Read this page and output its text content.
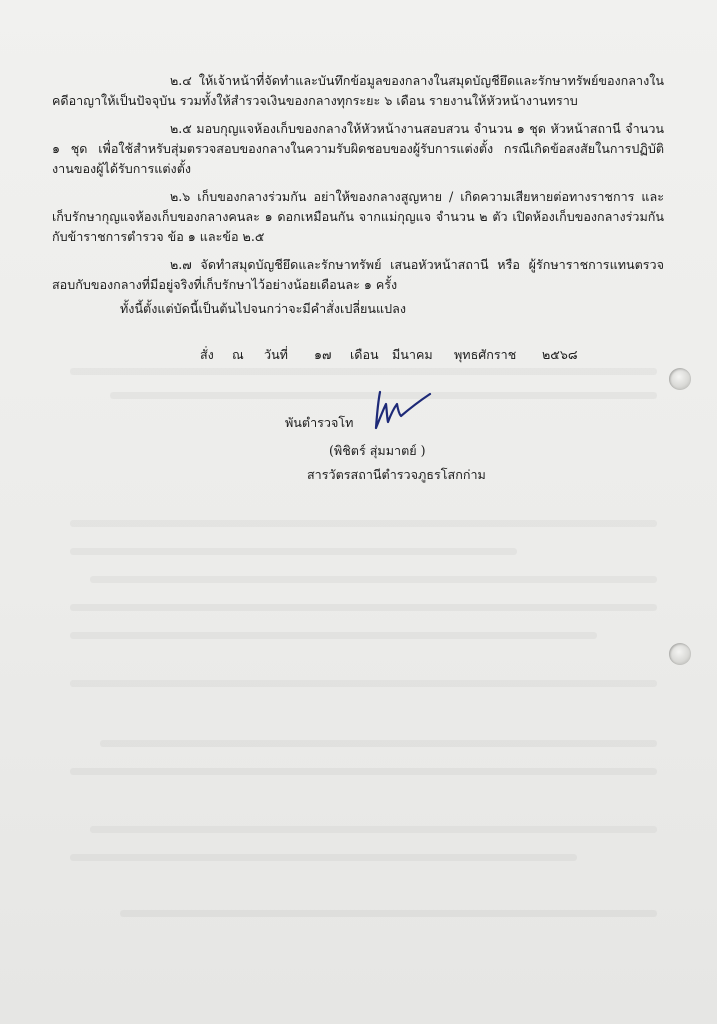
๒.๔ ให้เจ้าหน้าที่จัดทำและบันทึกข้อมูลของกลางในสมุดบัญชียึดและรักษาทรัพย์ของกลางในคดีอาญาให้เป็นปัจจุบัน รวมทั้งให้สำรวจเงินของกลางทุกระยะ ๖ เดือน รายงานให้หัวหน้างานทราบ

๒.๕ มอบกุญแจห้องเก็บของกลางให้หัวหน้างานสอบสวน จำนวน ๑ ชุด หัวหน้าสถานี จำนวน ๑ ชุด เพื่อใช้สำหรับสุ่มตรวจสอบของกลางในความรับผิดชอบของผู้รับการแต่งตั้ง กรณีเกิดข้อสงสัยในการปฏิบัติงานของผู้ได้รับการแต่งตั้ง

๒.๖ เก็บของกลางร่วมกัน อย่าให้ของกลางสูญหาย / เกิดความเสียหายต่อทางราชการ และเก็บรักษากุญแจห้องเก็บของกลางคนละ ๑ ดอกเหมือนกัน จากแม่กุญแจ จำนวน ๒ ตัว เปิดห้องเก็บของกลางร่วมกันกับข้าราชการตำรวจ ข้อ ๑ และข้อ ๒.๕

๒.๗ จัดทำสมุดบัญชียึดและรักษาทรัพย์ เสนอหัวหน้าสถานี หรือ ผู้รักษาราชการแทนตรวจสอบกับของกลางที่มีอยู่จริงที่เก็บรักษาไว้อย่างน้อยเดือนละ ๑ ครั้ง

ทั้งนี้ตั้งแต่บัดนี้เป็นต้นไปจนกว่าจะมีคำสั่งเปลี่ยนแปลง
สั่ง ณ วันที่ ๑๗ เดือน มีนาคม พุทธศักราช ๒๕๖๘
พันตำรวจโท
(พิชิตร์ สุ่มมาตย์ )
สารวัตรสถานีตำรวจภูธรโสกก่าม
